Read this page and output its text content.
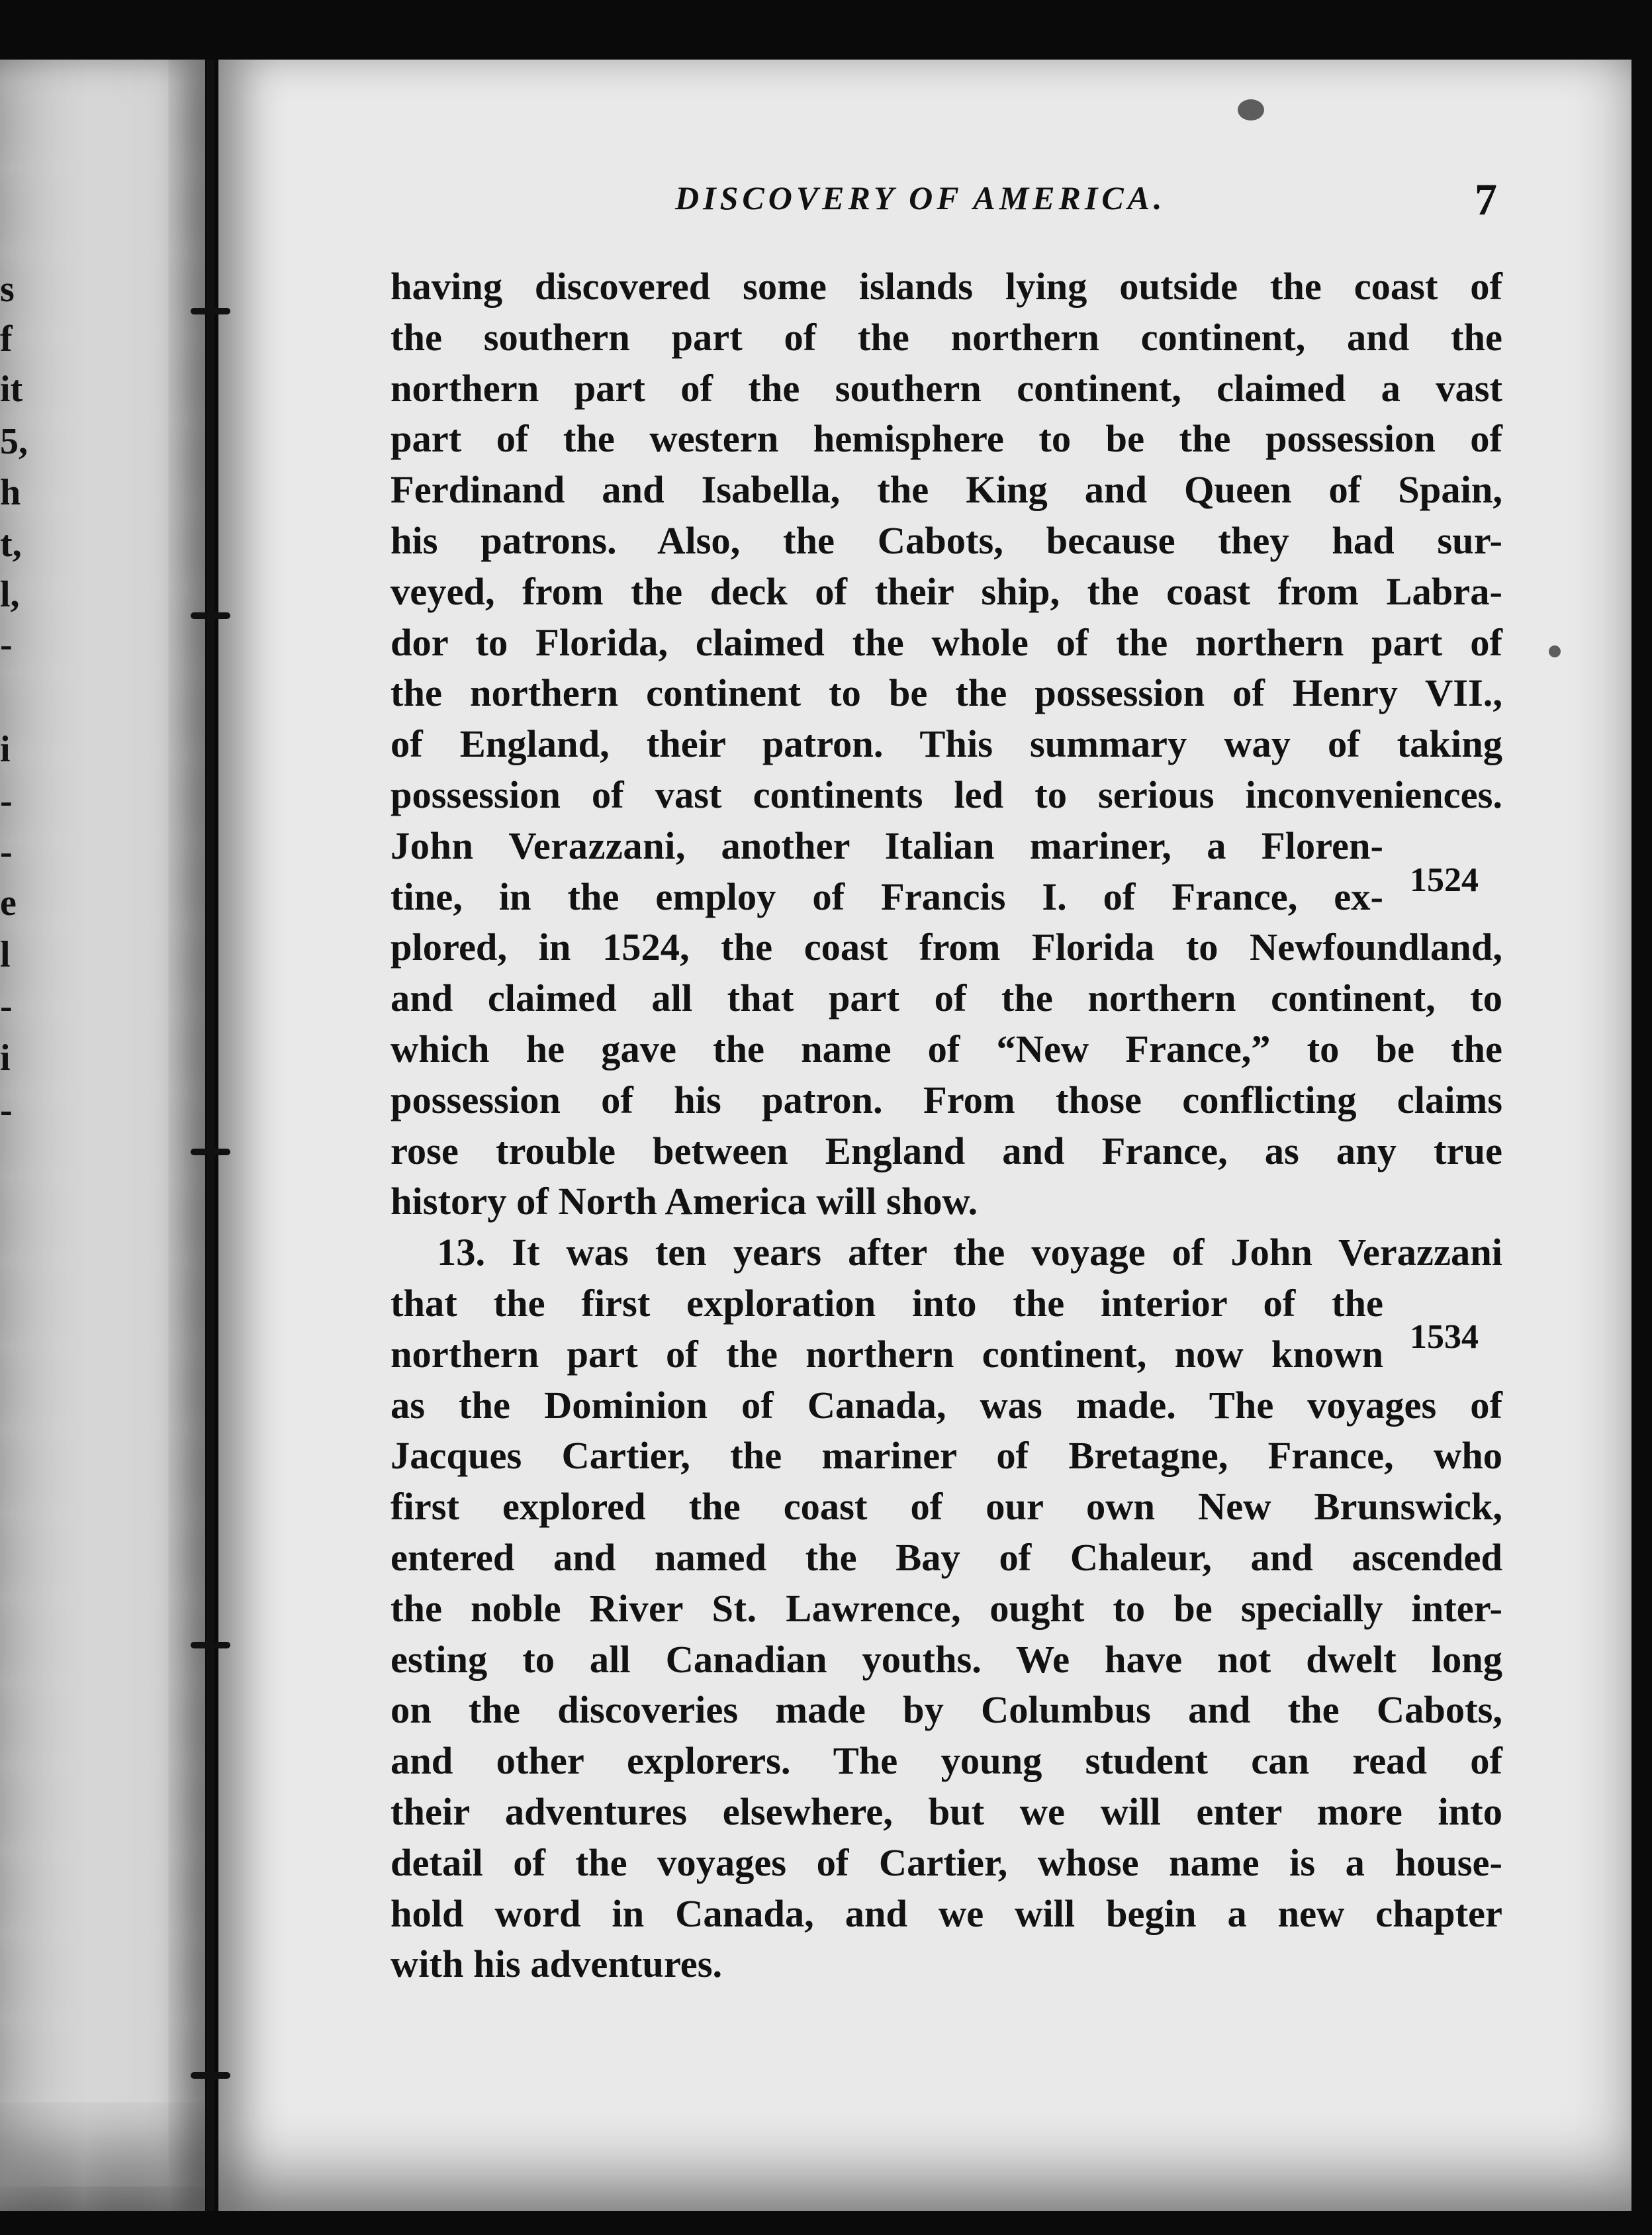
s
f
it
5,
h
t,
l,
-
i
-
-
e
l
-
i
-
DISCOVERY OF AMERICA.	7
having discovered some islands lying outside the coast of
the southern part of the northern continent, and the
northern part of the southern continent, claimed a vast
part of the western hemisphere to be the possession of
Ferdinand and Isabella, the King and Queen of Spain,
his patrons. Also, the Cabots, because they had sur-
veyed, from the deck of their ship, the coast from Labra-
dor to Florida, claimed the whole of the northern part of
the northern continent to be the possession of Henry VII.,
of England, their patron. This summary way of taking
possession of vast continents led to serious inconveniences.
John Verazzani, another Italian mariner, a Floren-
tine, in the employ of Francis I. of France, ex-
plored, in 1524, the coast from Florida to Newfoundland,
and claimed all that part of the northern continent, to
which he gave the name of “New France,” to be the
possession of his patron. From those conflicting claims
rose trouble between England and France, as any true
history of North America will show.
13. It was ten years after the voyage of John Verazzani
that the first exploration into the interior of the
northern part of the northern continent, now known
as the Dominion of Canada, was made. The voyages of
Jacques Cartier, the mariner of Bretagne, France, who
first explored the coast of our own New Brunswick,
entered and named the Bay of Chaleur, and ascended
the noble River St. Lawrence, ought to be specially inter-
esting to all Canadian youths. We have not dwelt long
on the discoveries made by Columbus and the Cabots,
and other explorers. The young student can read of
their adventures elsewhere, but we will enter more into
detail of the voyages of Cartier, whose name is a house-
hold word in Canada, and we will begin a new chapter
with his adventures.
1524
1534
